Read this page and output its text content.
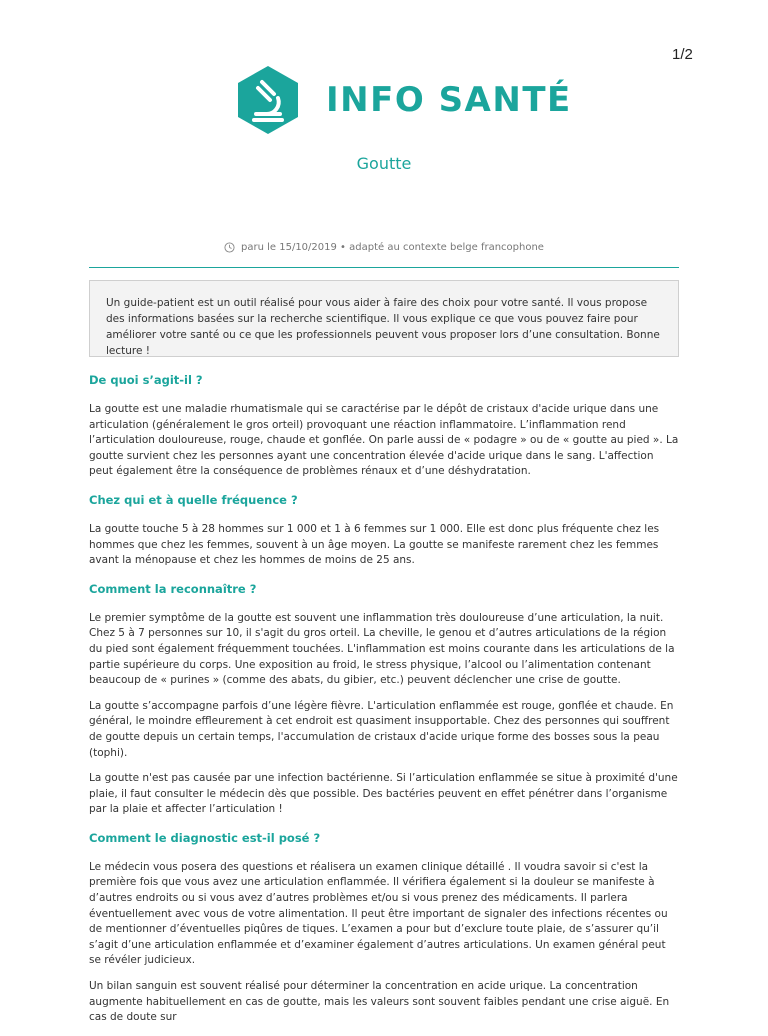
1/2
INFO SANTÉ
Goutte
paru le 15/10/2019 • adapté au contexte belge francophone
Un guide-patient est un outil réalisé pour vous aider à faire des choix pour votre santé. Il vous propose des informations basées sur la recherche scientifique. Il vous explique ce que vous pouvez faire pour améliorer votre santé ou ce que les professionnels peuvent vous proposer lors d’une consultation. Bonne lecture !
De quoi s’agit-il ?

La goutte est une maladie rhumatismale qui se caractérise par le dépôt de cristaux d'acide urique dans une articulation (généralement le gros orteil) provoquant une réaction inflammatoire. L’inflammation rend l’articulation douloureuse, rouge, chaude et gonflée. On parle aussi de « podagre » ou de « goutte au pied ». La goutte survient chez les personnes ayant une concentration élevée d'acide urique dans le sang. L'affection peut également être la conséquence de problèmes rénaux et d’une déshydratation.

Chez qui et à quelle fréquence ?

La goutte touche 5 à 28 hommes sur 1 000 et 1 à 6 femmes sur 1 000. Elle est donc plus fréquente chez les hommes que chez les femmes, souvent à un âge moyen. La goutte se manifeste rarement chez les femmes avant la ménopause et chez les hommes de moins de 25 ans.

Comment la reconnaître ?

Le premier symptôme de la goutte est souvent une inflammation très douloureuse d’une articulation, la nuit. Chez 5 à 7 personnes sur 10, il s'agit du gros orteil. La cheville, le genou et d’autres articulations de la région du pied sont également fréquemment touchées. L'inflammation est moins courante dans les articulations de la partie supérieure du corps. Une exposition au froid, le stress physique, l’alcool ou l’alimentation contenant beaucoup de « purines » (comme des abats, du gibier, etc.) peuvent déclencher une crise de goutte.

La goutte s’accompagne parfois d’une légère fièvre. L'articulation enflammée est rouge, gonflée et chaude. En général, le moindre effleurement à cet endroit est quasiment insupportable. Chez des personnes qui souffrent de goutte depuis un certain temps, l'accumulation de cristaux d'acide urique forme des bosses sous la peau (tophi).

La goutte n'est pas causée par une infection bactérienne. Si l’articulation enflammée se situe à proximité d'une plaie, il faut consulter le médecin dès que possible. Des bactéries peuvent en effet pénétrer dans l’organisme par la plaie et affecter l’articulation !

Comment le diagnostic est-il posé ?

Le médecin vous posera des questions et réalisera un examen clinique détaillé . Il voudra savoir si c'est la première fois que vous avez une articulation enflammée. Il vérifiera également si la douleur se manifeste à d’autres endroits ou si vous avez d’autres problèmes et/ou si vous prenez des médicaments. Il parlera éventuellement avec vous de votre alimentation. Il peut être important de signaler des infections récentes ou de mentionner d’éventuelles piqûres de tiques. L’examen a pour but d’exclure toute plaie, de s’assurer qu’il s’agit d’une articulation enflammée et d’examiner également d’autres articulations. Un examen général peut se révéler judicieux.

Un bilan sanguin est souvent réalisé pour déterminer la concentration en acide urique. La concentration augmente habituellement en cas de goutte, mais les valeurs sont souvent faibles pendant une crise aiguë. En cas de doute sur
